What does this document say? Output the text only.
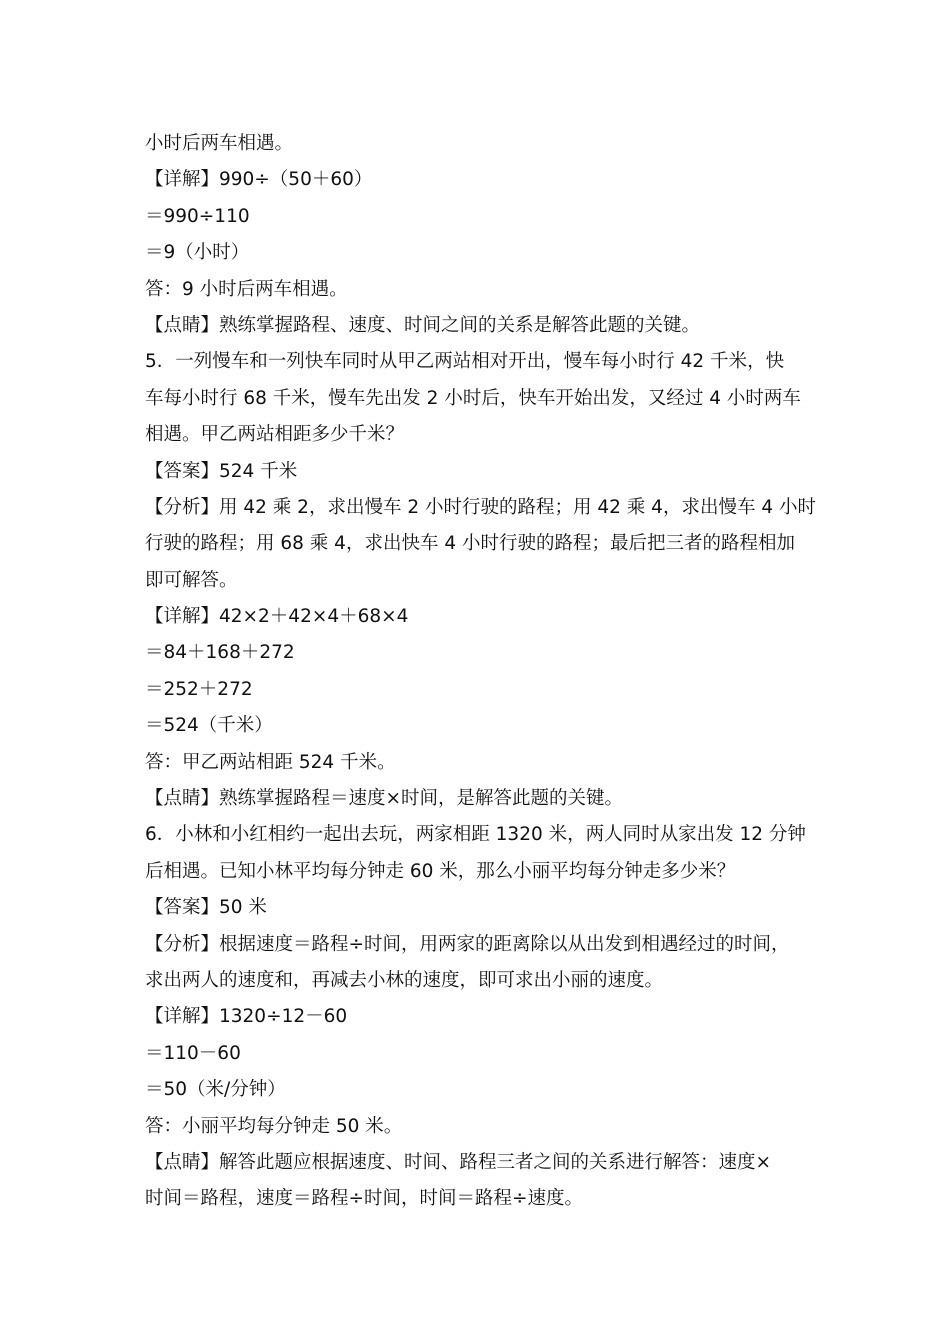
小时后两车相遇。
【详解】990÷（50＋60）
＝990÷110
＝9（小时）
答：9 小时后两车相遇。
【点睛】熟练掌握路程、速度、时间之间的关系是解答此题的关键。
5．一列慢车和一列快车同时从甲乙两站相对开出，慢车每小时行 42 千米，快
车每小时行 68 千米，慢车先出发 2 小时后，快车开始出发，又经过 4 小时两车
相遇。甲乙两站相距多少千米？
【答案】524 千米
【分析】用 42 乘 2，求出慢车 2 小时行驶的路程；用 42 乘 4，求出慢车 4 小时
行驶的路程；用 68 乘 4，求出快车 4 小时行驶的路程；最后把三者的路程相加
即可解答。
【详解】42×2＋42×4＋68×4
＝84＋168＋272
＝252＋272
＝524（千米）
答：甲乙两站相距 524 千米。
【点睛】熟练掌握路程＝速度×时间，是解答此题的关键。
6．小林和小红相约一起出去玩，两家相距 1320 米，两人同时从家出发 12 分钟
后相遇。已知小林平均每分钟走 60 米，那么小丽平均每分钟走多少米？
【答案】50 米
【分析】根据速度＝路程÷时间，用两家的距离除以从出发到相遇经过的时间，
求出两人的速度和，再减去小林的速度，即可求出小丽的速度。
【详解】1320÷12－60
＝110－60
＝50（米/分钟）
答：小丽平均每分钟走 50 米。
【点睛】解答此题应根据速度、时间、路程三者之间的关系进行解答：速度×
时间＝路程，速度＝路程÷时间，时间＝路程÷速度。
